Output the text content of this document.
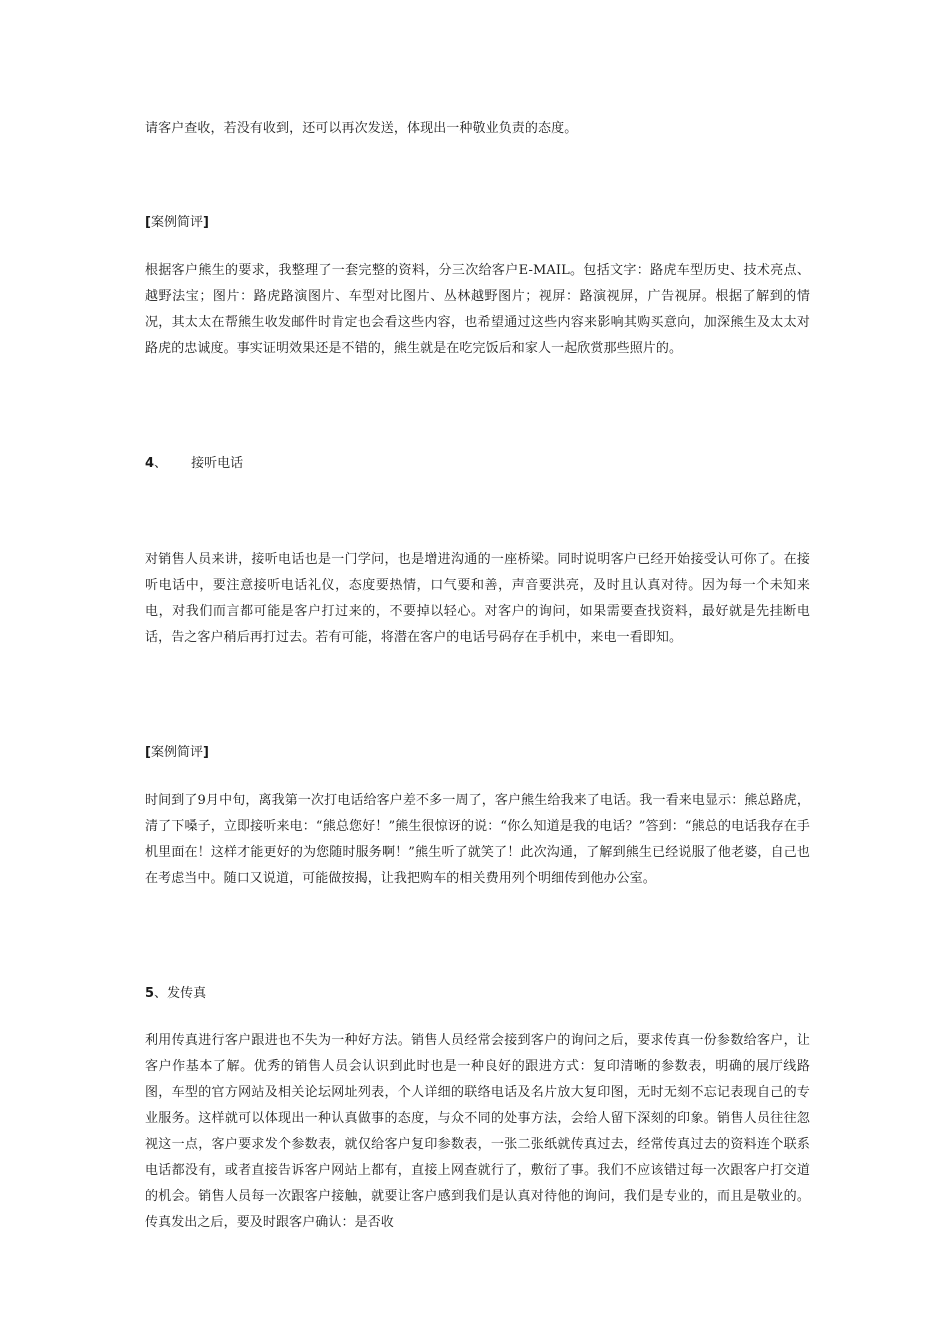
请客户查收，若没有收到，还可以再次发送，体现出一种敬业负责的态度。

[案例简评]

根据客户熊生的要求，我整理了一套完整的资料，分三次给客户E-MAIL。包括文字：路虎车型历史、技术亮点、越野法宝；图片：路虎路演图片、车型对比图片、丛林越野图片；视屏：路演视屏，广告视屏。根据了解到的情况，其太太在帮熊生收发邮件时肯定也会看这些内容，也希望通过这些内容来影响其购买意向，加深熊生及太太对路虎的忠诚度。事实证明效果还是不错的，熊生就是在吃完饭后和家人一起欣赏那些照片的。

4、 接听电话

对销售人员来讲，接听电话也是一门学问，也是增进沟通的一座桥梁。同时说明客户已经开始接受认可你了。在接听电话中，要注意接听电话礼仪，态度要热情，口气要和善，声音要洪亮，及时且认真对待。因为每一个未知来电，对我们而言都可能是客户打过来的，不要掉以轻心。对客户的询问，如果需要查找资料，最好就是先挂断电话，告之客户稍后再打过去。若有可能，将潜在客户的电话号码存在手机中，来电一看即知。

[案例简评]

时间到了9月中旬，离我第一次打电话给客户差不多一周了，客户熊生给我来了电话。我一看来电显示：熊总路虎，清了下嗓子，立即接听来电：“熊总您好！”熊生很惊讶的说：“你么知道是我的电话？”答到：“熊总的电话我存在手机里面在！这样才能更好的为您随时服务啊！”熊生听了就笑了！此次沟通，了解到熊生已经说服了他老婆，自己也在考虑当中。随口又说道，可能做按揭，让我把购车的相关费用列个明细传到他办公室。

5、发传真

利用传真进行客户跟进也不失为一种好方法。销售人员经常会接到客户的询问之后，要求传真一份参数给客户，让客户作基本了解。优秀的销售人员会认识到此时也是一种良好的跟进方式：复印清晰的参数表，明确的展厅线路图，车型的官方网站及相关论坛网址列表，个人详细的联络电话及名片放大复印图，无时无刻不忘记表现自己的专业服务。这样就可以体现出一种认真做事的态度，与众不同的处事方法，会给人留下深刻的印象。销售人员往往忽视这一点，客户要求发个参数表，就仅给客户复印参数表，一张二张纸就传真过去，经常传真过去的资料连个联系电话都没有，或者直接告诉客户网站上都有，直接上网查就行了，敷衍了事。我们不应该错过每一次跟客户打交道的机会。销售人员每一次跟客户接触，就要让客户感到我们是认真对待他的询问，我们是专业的，而且是敬业的。传真发出之后，要及时跟客户确认：是否收
